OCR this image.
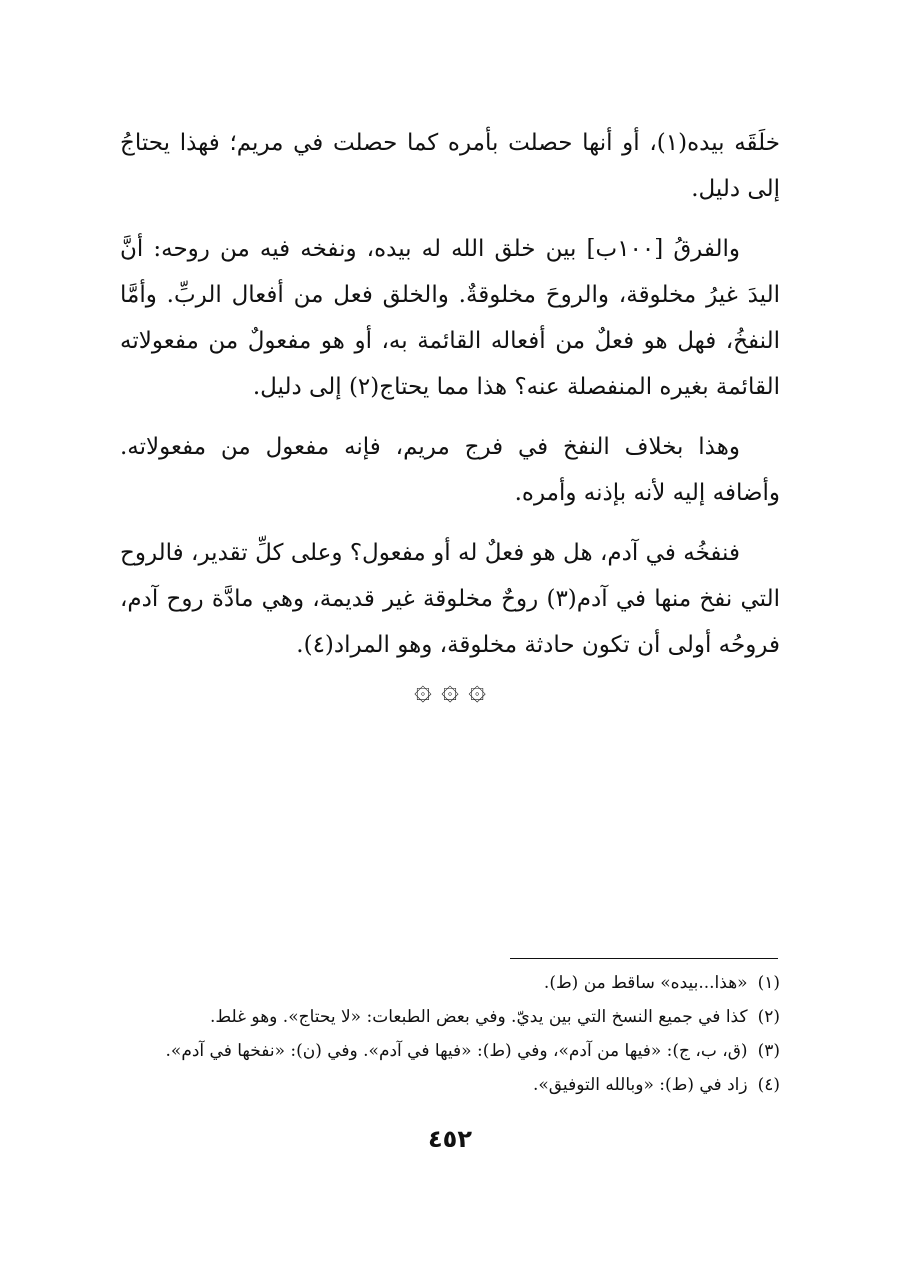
خلَقَه بيده(١)، أو أنها حصلت بأمره كما حصلت في مريم؛ فهذا يحتاجُ إلى دليل.

والفرقُ [١٠٠ب] بين خلق الله له بيده، ونفخه فيه من روحه: أنَّ اليدَ غيرُ مخلوقة، والروحَ مخلوقةٌ. والخلق فعل من أفعال الربِّ. وأمَّا النفخُ، فهل هو فعلٌ من أفعاله القائمة به، أو هو مفعولٌ من مفعولاته القائمة بغيره المنفصلة عنه؟ هذا مما يحتاج(٢) إلى دليل.

وهذا بخلاف النفخ في فرج مريم، فإنه مفعول من مفعولاته. وأضافه إليه لأنه بإذنه وأمره.

فنفخُه في آدم، هل هو فعلٌ له أو مفعول؟ وعلى كلِّ تقدير، فالروح التي نفخ منها في آدم(٣) روحٌ مخلوقة غير قديمة، وهي مادَّة روح آدم، فروحُه أولى أن تكون حادثة مخلوقة، وهو المراد(٤).

۞ ۞ ۞
(١)«هذا...بيده» ساقط من (ط).
(٢)كذا في جميع النسخ التي بين يديّ. وفي بعض الطبعات: «لا يحتاج». وهو غلط.
(٣)(ق، ب، ج): «فيها من آدم»، وفي (ط): «فيها في آدم». وفي (ن): «نفخها في آدم».
(٤)زاد في (ط): «وبالله التوفيق».
٤٥٢
